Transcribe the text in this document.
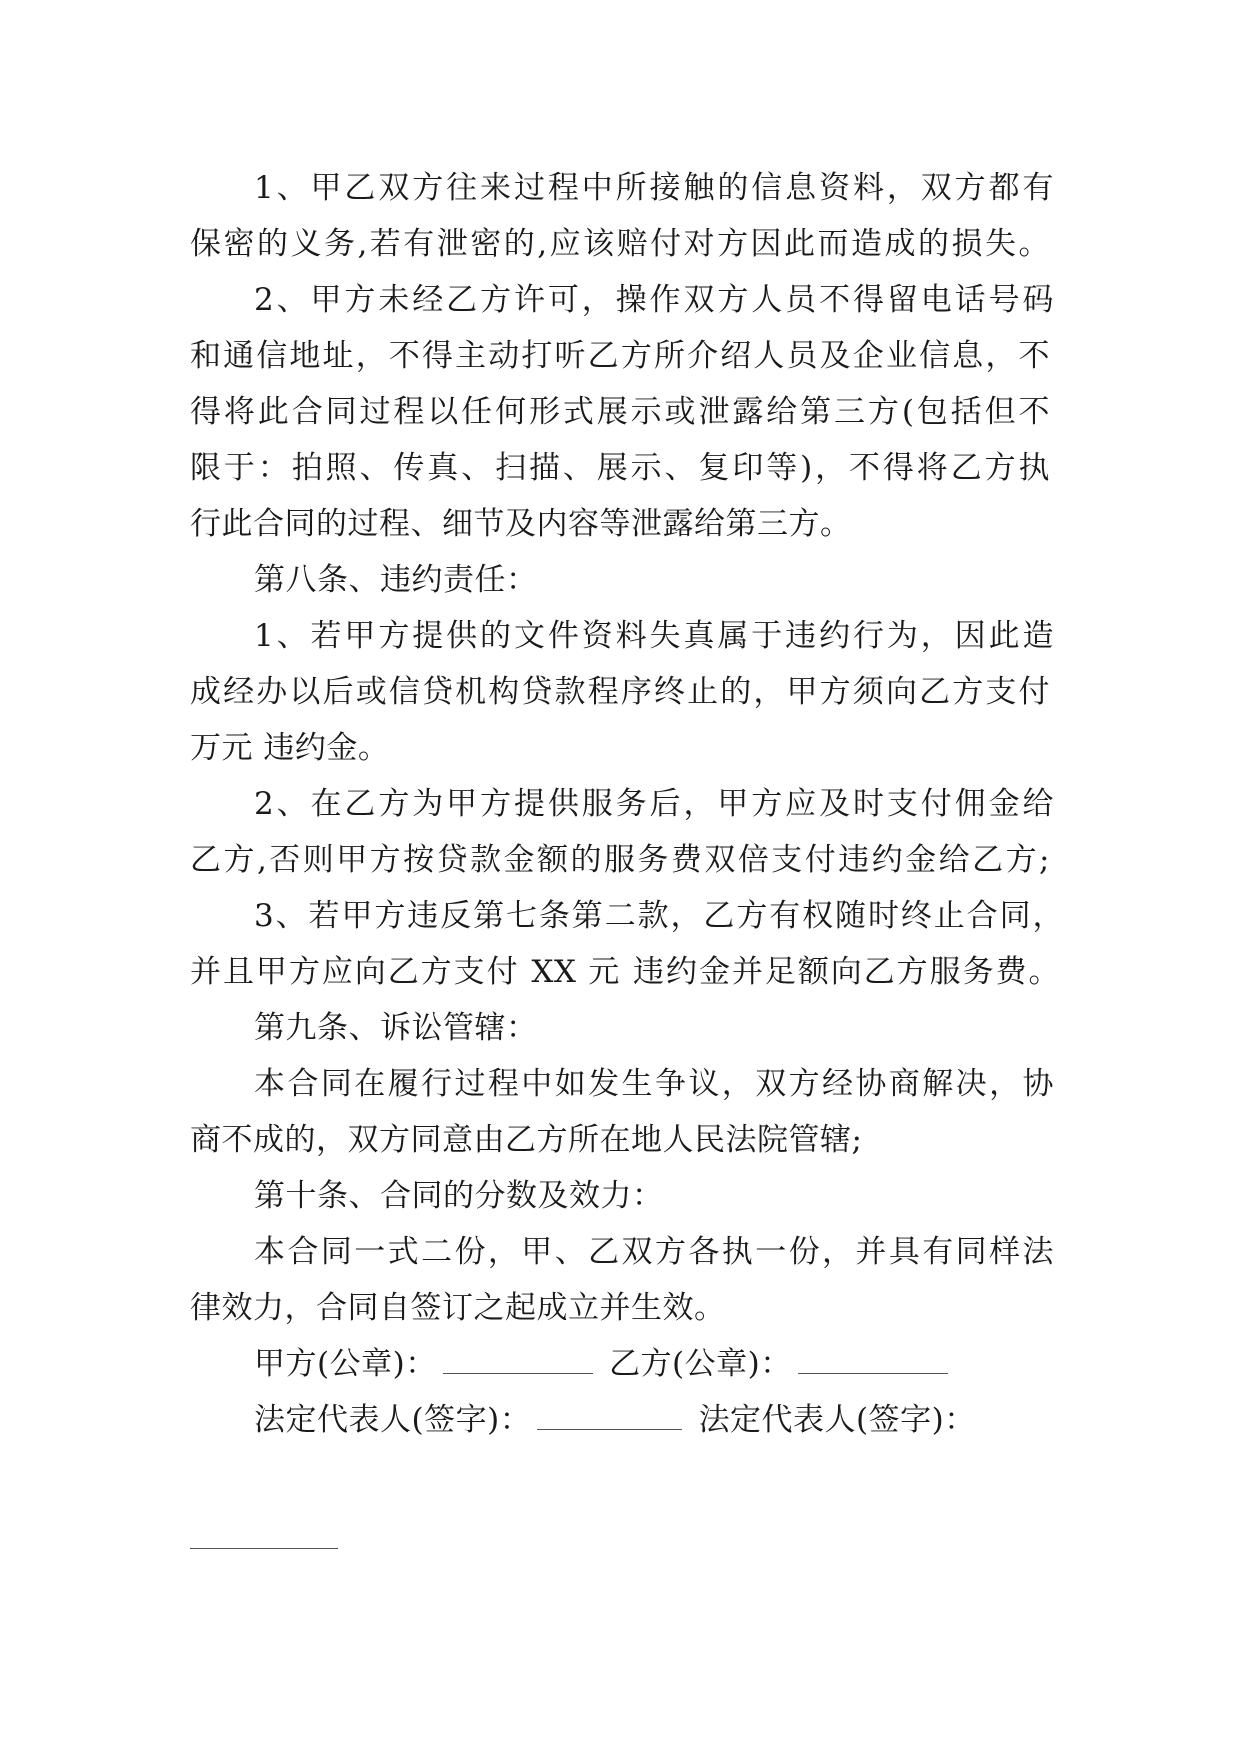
1、甲乙双方往来过程中所接触的信息资料，双方都有
保密的义务,若有泄密的,应该赔付对方因此而造成的损失。
2、甲方未经乙方许可，操作双方人员不得留电话号码
和通信地址，不得主动打听乙方所介绍人员及企业信息，不
得将此合同过程以任何形式展示或泄露给第三方(包括但不
限于：拍照、传真、扫描、展示、复印等)，不得将乙方执
行此合同的过程、细节及内容等泄露给第三方。
第八条、违约责任：
1、若甲方提供的文件资料失真属于违约行为，因此造
成经办以后或信贷机构贷款程序终止的，甲方须向乙方支付
万元 违约金。
2、在乙方为甲方提供服务后，甲方应及时支付佣金给
乙方,否则甲方按贷款金额的服务费双倍支付违约金给乙方;
3、若甲方违反第七条第二款，乙方有权随时终止合同，
并且甲方应向乙方支付 XX 元 违约金并足额向乙方服务费。
第九条、诉讼管辖：
本合同在履行过程中如发生争议，双方经协商解决，协
商不成的，双方同意由乙方所在地人民法院管辖;
第十条、合同的分数及效力：
本合同一式二份，甲、乙双方各执一份，并具有同样法
律效力，合同自签订之起成立并生效。
甲方(公章)：	乙方(公章)：
法定代表人(签字)：	法定代表人(签字)：
